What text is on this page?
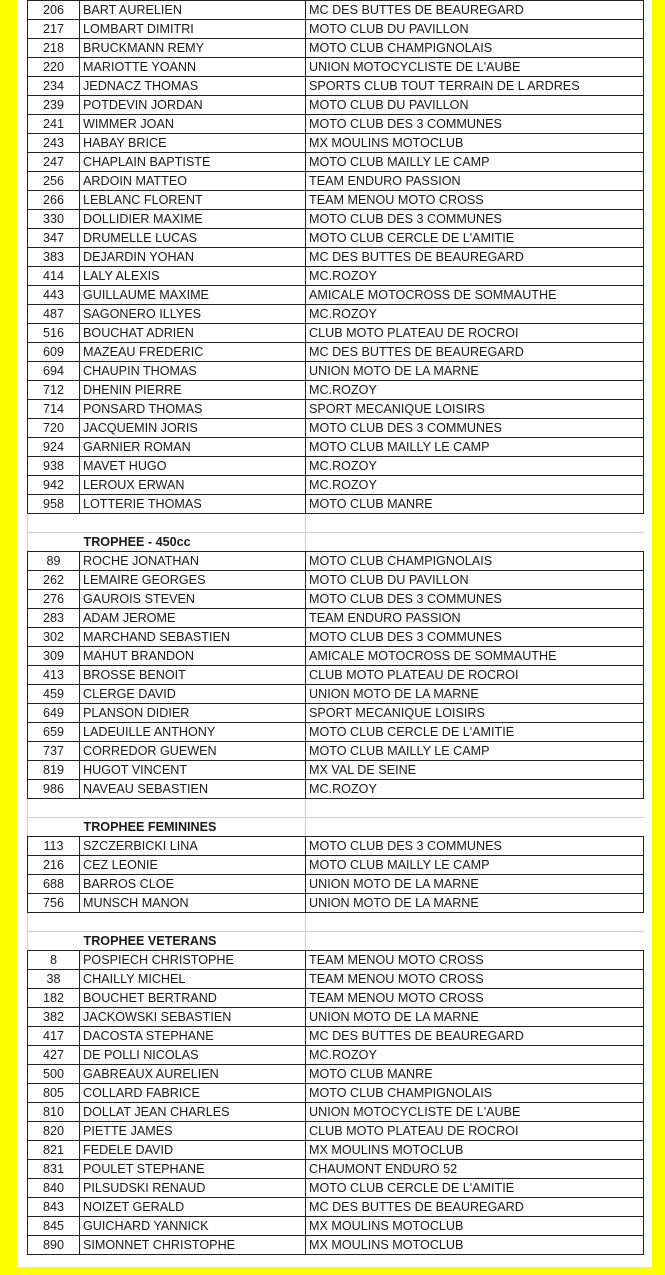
206	BART AURELIEN	MC DES BUTTES DE BEAUREGARD
217	LOMBART DIMITRI	MOTO CLUB DU PAVILLON
218	BRUCKMANN REMY	MOTO CLUB CHAMPIGNOLAIS
220	MARIOTTE YOANN	UNION MOTOCYCLISTE DE L'AUBE
234	JEDNACZ THOMAS	SPORTS CLUB TOUT TERRAIN DE L ARDRES
239	POTDEVIN JORDAN	MOTO CLUB DU PAVILLON
241	WIMMER JOAN	MOTO CLUB DES 3 COMMUNES
243	HABAY BRICE	MX MOULINS MOTOCLUB
247	CHAPLAIN BAPTISTE	MOTO CLUB MAILLY LE CAMP
256	ARDOIN MATTEO	TEAM ENDURO PASSION
266	LEBLANC FLORENT	TEAM MENOU MOTO CROSS
330	DOLLIDIER MAXIME	MOTO CLUB DES 3 COMMUNES
347	DRUMELLE LUCAS	MOTO CLUB CERCLE DE L'AMITIE
383	DEJARDIN YOHAN	MC DES BUTTES DE BEAUREGARD
414	LALY ALEXIS	MC.ROZOY
443	GUILLAUME MAXIME	AMICALE MOTOCROSS DE SOMMAUTHE
487	SAGONERO ILLYES	MC.ROZOY
516	BOUCHAT ADRIEN	CLUB MOTO PLATEAU DE ROCROI
609	MAZEAU FREDERIC	MC DES BUTTES DE BEAUREGARD
694	CHAUPIN THOMAS	UNION MOTO DE LA MARNE
712	DHENIN PIERRE	MC.ROZOY
714	PONSARD THOMAS	SPORT MECANIQUE LOISIRS
720	JACQUEMIN JORIS	MOTO CLUB DES 3 COMMUNES
924	GARNIER ROMAN	MOTO CLUB MAILLY LE CAMP
938	MAVET HUGO	MC.ROZOY
942	LEROUX ERWAN	MC.ROZOY
958	LOTTERIE THOMAS	MOTO CLUB MANRE

	TROPHEE - 450cc	
89	ROCHE JONATHAN	MOTO CLUB CHAMPIGNOLAIS
262	LEMAIRE GEORGES	MOTO CLUB DU PAVILLON
276	GAUROIS STEVEN	MOTO CLUB DES 3 COMMUNES
283	ADAM JEROME	TEAM ENDURO PASSION
302	MARCHAND SEBASTIEN	MOTO CLUB DES 3 COMMUNES
309	MAHUT BRANDON	AMICALE MOTOCROSS DE SOMMAUTHE
413	BROSSE BENOIT	CLUB MOTO PLATEAU DE ROCROI
459	CLERGE DAVID	UNION MOTO DE LA MARNE
649	PLANSON DIDIER	SPORT MECANIQUE LOISIRS
659	LADEUILLE ANTHONY	MOTO CLUB CERCLE DE L'AMITIE
737	CORREDOR GUEWEN	MOTO CLUB MAILLY LE CAMP
819	HUGOT VINCENT	MX VAL DE SEINE
986	NAVEAU SEBASTIEN	MC.ROZOY

	TROPHEE FEMININES	
113	SZCZERBICKI LINA	MOTO CLUB DES 3 COMMUNES
216	CEZ LEONIE	MOTO CLUB MAILLY LE CAMP
688	BARROS CLOE	UNION MOTO DE LA MARNE
756	MUNSCH MANON	UNION MOTO DE LA MARNE

	TROPHEE VETERANS	
8	POSPIECH CHRISTOPHE	TEAM MENOU MOTO CROSS
38	CHAILLY MICHEL	TEAM MENOU MOTO CROSS
182	BOUCHET BERTRAND	TEAM MENOU MOTO CROSS
382	JACKOWSKI SEBASTIEN	UNION MOTO DE LA MARNE
417	DACOSTA STEPHANE	MC DES BUTTES DE BEAUREGARD
427	DE POLLI NICOLAS	MC.ROZOY
500	GABREAUX AURELIEN	MOTO CLUB MANRE
805	COLLARD FABRICE	MOTO CLUB CHAMPIGNOLAIS
810	DOLLAT JEAN CHARLES	UNION MOTOCYCLISTE DE L'AUBE
820	PIETTE JAMES	CLUB MOTO PLATEAU DE ROCROI
821	FEDELE DAVID	MX MOULINS MOTOCLUB
831	POULET STEPHANE	CHAUMONT ENDURO 52
840	PILSUDSKI RENAUD	MOTO CLUB CERCLE DE L'AMITIE
843	NOIZET GERALD	MC DES BUTTES DE BEAUREGARD
845	GUICHARD YANNICK	MX MOULINS MOTOCLUB
890	SIMONNET CHRISTOPHE	MX MOULINS MOTOCLUB
